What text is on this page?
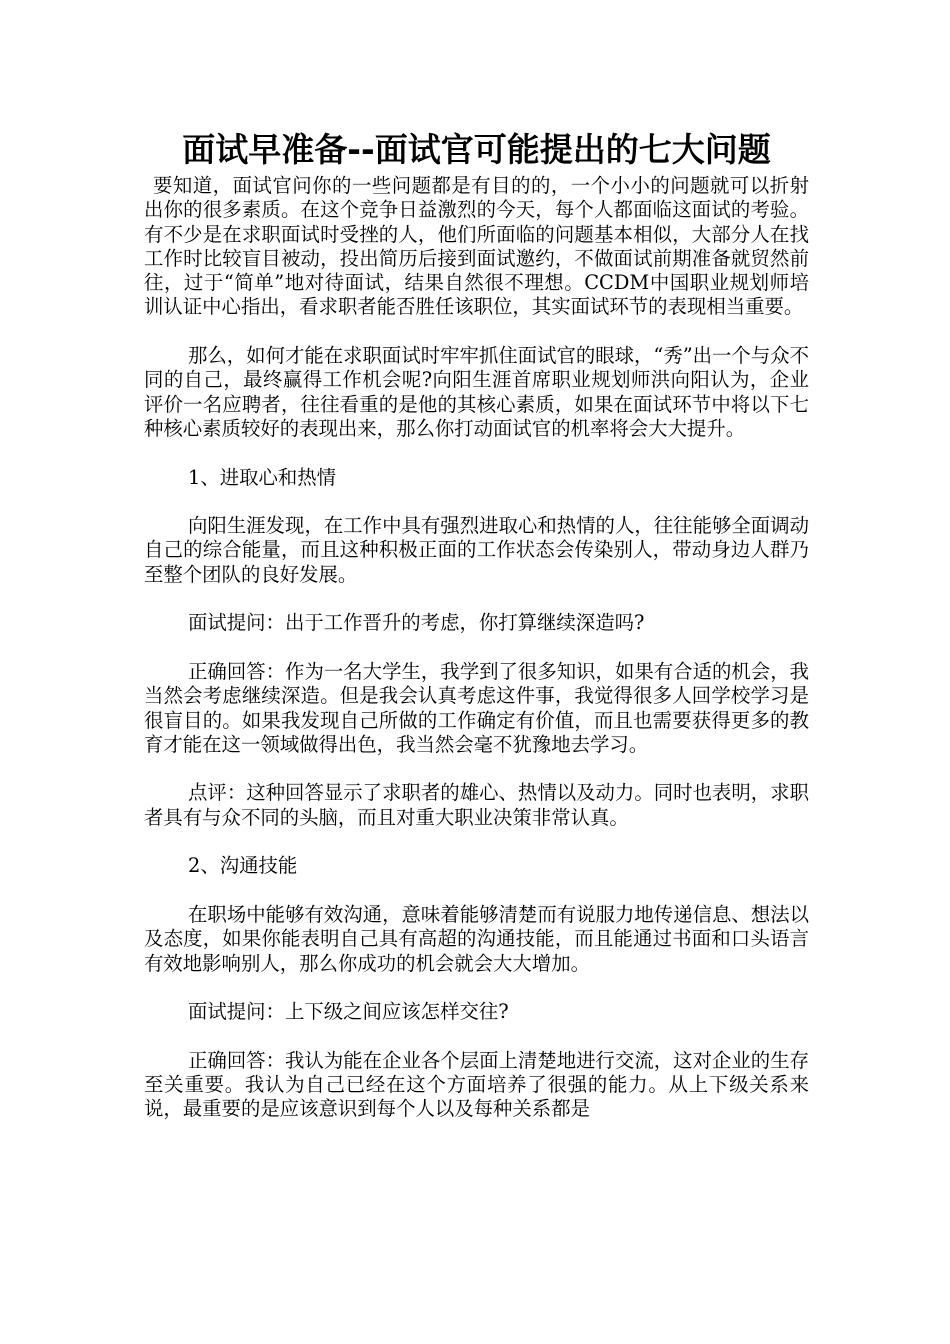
面试早准备--面试官可能提出的七大问题

要知道，面试官问你的一些问题都是有目的的，一个小小的问题就可以折射出你的很多素质。在这个竞争日益激烈的今天，每个人都面临这面试的考验。有不少是在求职面试时受挫的人，他们所面临的问题基本相似，大部分人在找工作时比较盲目被动，投出简历后接到面试邀约，不做面试前期准备就贸然前往，过于“简单”地对待面试，结果自然很不理想。CCDM中国职业规划师培训认证中心指出，看求职者能否胜任该职位，其实面试环节的表现相当重要。

那么，如何才能在求职面试时牢牢抓住面试官的眼球，“秀”出一个与众不同的自己，最终赢得工作机会呢?向阳生涯首席职业规划师洪向阳认为，企业评价一名应聘者，往往看重的是他的其核心素质，如果在面试环节中将以下七种核心素质较好的表现出来，那么你打动面试官的机率将会大大提升。

1、进取心和热情

向阳生涯发现，在工作中具有强烈进取心和热情的人，往往能够全面调动自己的综合能量，而且这种积极正面的工作状态会传染别人，带动身边人群乃至整个团队的良好发展。

面试提问：出于工作晋升的考虑，你打算继续深造吗?

正确回答：作为一名大学生，我学到了很多知识，如果有合适的机会，我当然会考虑继续深造。但是我会认真考虑这件事，我觉得很多人回学校学习是很盲目的。如果我发现自己所做的工作确定有价值，而且也需要获得更多的教育才能在这一领域做得出色，我当然会毫不犹豫地去学习。

点评：这种回答显示了求职者的雄心、热情以及动力。同时也表明，求职者具有与众不同的头脑，而且对重大职业决策非常认真。

2、沟通技能

在职场中能够有效沟通，意味着能够清楚而有说服力地传递信息、想法以及态度，如果你能表明自己具有高超的沟通技能，而且能通过书面和口头语言有效地影响别人，那么你成功的机会就会大大增加。

面试提问：上下级之间应该怎样交往?

正确回答：我认为能在企业各个层面上清楚地进行交流，这对企业的生存至关重要。我认为自己已经在这个方面培养了很强的能力。从上下级关系来说，最重要的是应该意识到每个人以及每种关系都是
